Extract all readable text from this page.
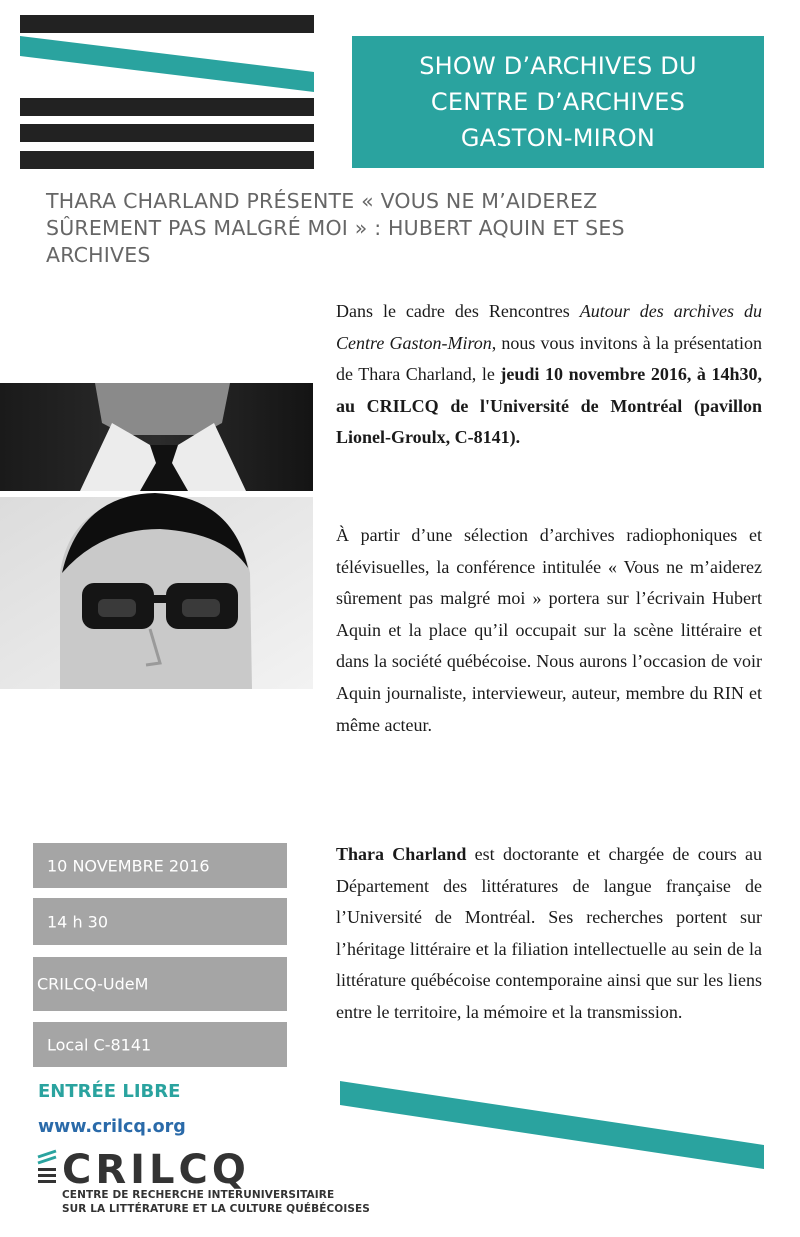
SHOW D’ARCHIVES DU
CENTRE D’ARCHIVES
GASTON-MIRON
THARA CHARLAND PRÉSENTE « VOUS NE M’AIDEREZ
SÛREMENT PAS MALGRÉ MOI » : HUBERT AQUIN ET SES
ARCHIVES
Dans le cadre des Rencontres Autour des archives du Centre Gaston-Miron, nous vous invitons à la présentation de Thara Charland, le jeudi 10 novembre 2016, à 14h30, au CRILCQ de l'Université de Montréal (pavillon Lionel-Groulx, C-8141).
À partir d’une sélection d’archives radiophoniques et télévisuelles, la conférence intitulée « Vous ne m’aiderez sûrement pas malgré moi » portera sur l’écrivain Hubert Aquin et la place qu’il occupait sur la scène littéraire et dans la société québécoise. Nous aurons l’occasion de voir Aquin journaliste, intervieweur, auteur, membre du RIN et même acteur.
Thara Charland est doctorante et chargée de cours au Département des littératures de langue française de l’Université de Montréal. Ses recherches portent sur l’héritage littéraire et la filiation intellectuelle au sein de la littérature québécoise contemporaine ainsi que sur les liens entre le territoire, la mémoire et la transmission.
10 NOVEMBRE 2016
14 h 30
CRILCQ-UdeM
Local C-8141
ENTRÉE LIBRE
www.crilcq.org
CRILCQ
CENTRE DE RECHERCHE INTERUNIVERSITAIRE
SUR LA LITTÉRATURE ET LA CULTURE QUÉBÉCOISES
